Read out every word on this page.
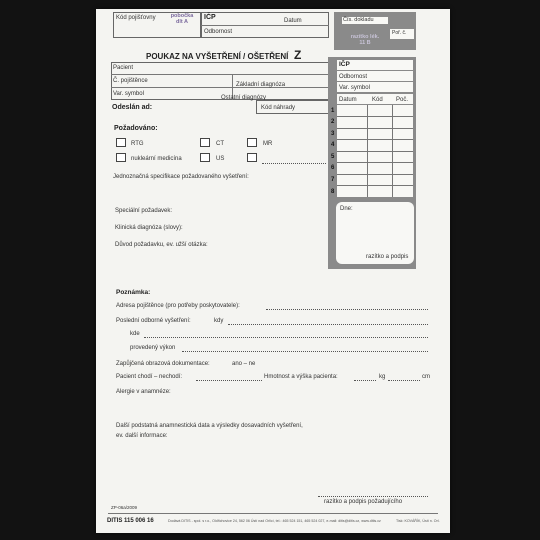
Kód pojišťovny	pobočka
dlt A
IČP	Datum
Odbornost
Čís. dokladu
Poř. č.
razítko lék.
11 B
POUKAZ NA VYŠETŘENÍ / OŠETŘENÍ Z
Pacient
Č. pojištěnce
Var. symbol
Základní diagnóza
Ostatní diagnózy
Kód náhrady
Odeslán ad:
Požadováno:
RTG	CT	MR
nukleární medicína	US
Jednoznačná specifikace požadovaného vyšetření:
Speciální požadavek:
Klinická diagnóza (slovy):
Důvod požadavku, ev. užší otázka:
IČP
Odbornost
Var. symbol
Datum	Kód Poč.
1
2
3
4
5
6
7
8
Dne:
razítko a podpis
Poznámka:
Adresa pojištěnce (pro potřeby poskytovatele):
Poslední odborné vyšetření:	kdy
kde
provedený výkon
Zapůjčená obrazová dokumentace:	ano – ne
Pacient chodí – nechodí:	Hmotnost a výška pacienta:	kg	cm
Alergie v anamnéze:
Další podstatná anamnestická data a výsledky dosavadních vyšetření,
ev. další informace:
razítko a podpis požadujícího
ZP-06a/2009
DITIS 115 006 16	Dodává DITIS - spol. s r.o., Oldřichovice 24, 562 06 Ústí nad Orlicí, tel.: 465 524 151, 465 524 027, e-mail: ditis@ditis.cz, www.ditis.cz	Tisk: KOVÁŘÍK, Ústí n. Orl.
